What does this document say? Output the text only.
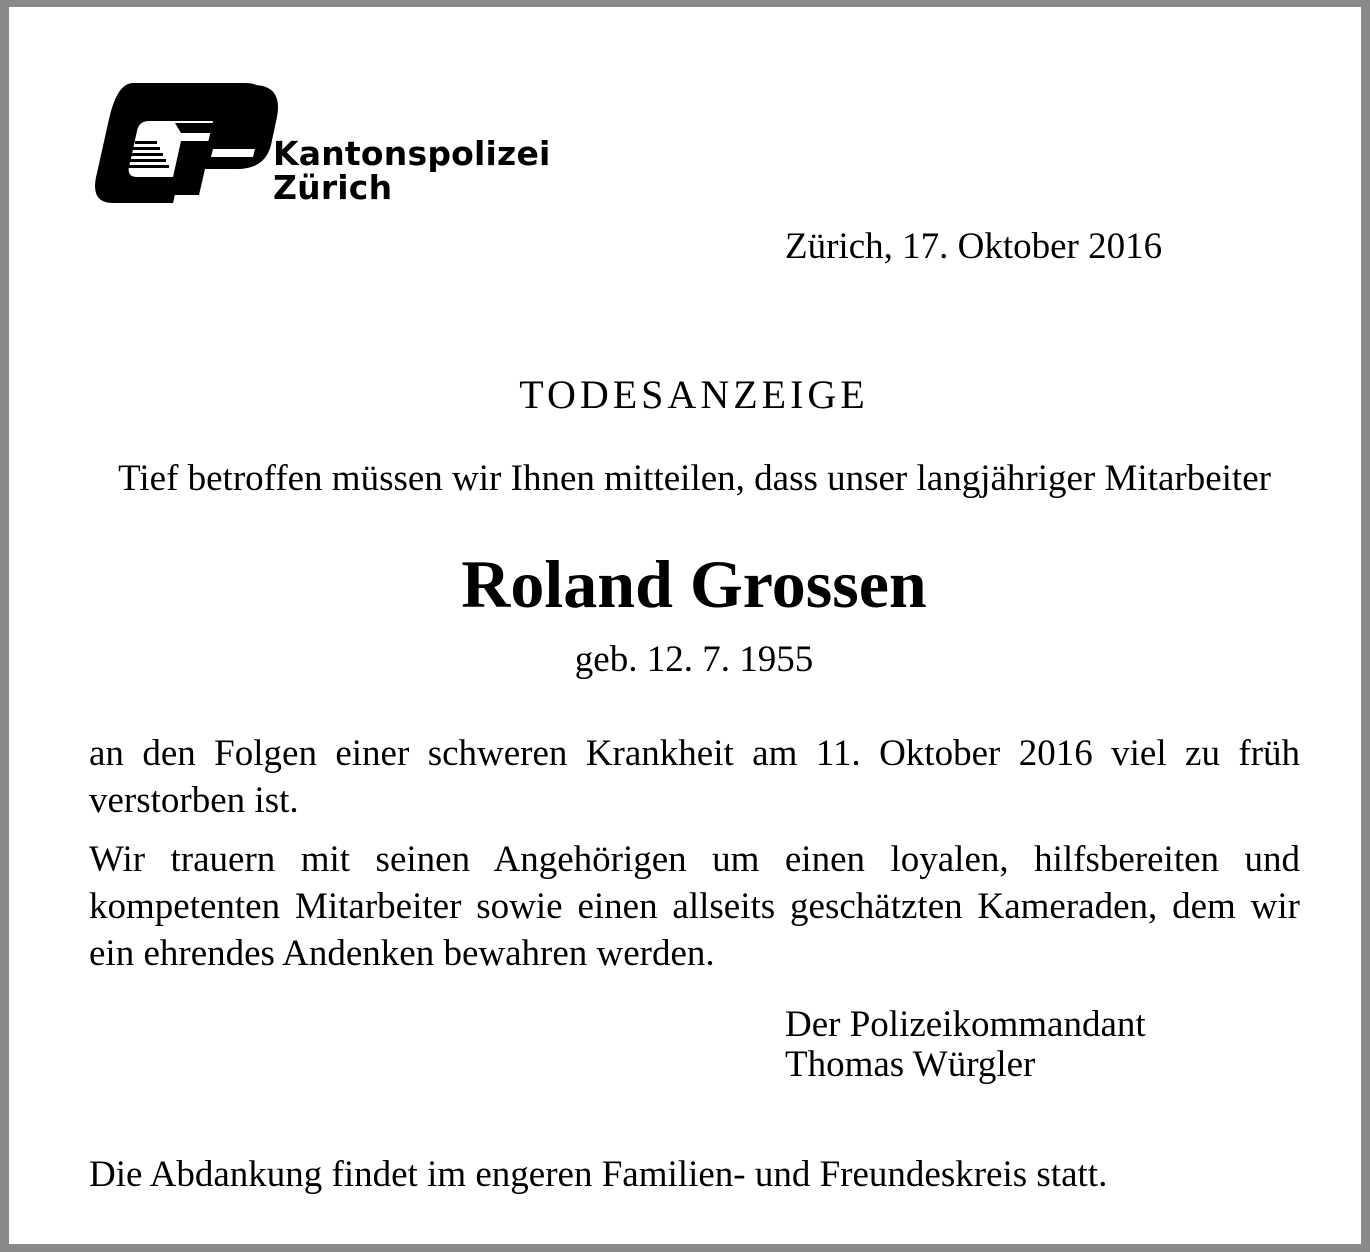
Kantonspolizei
Zürich
Zürich, 17. Oktober 2016
TODESANZEIGE
Tief betroffen müssen wir Ihnen mitteilen, dass unser langjähriger Mitarbeiter
Roland Grossen
geb. 12. 7. 1955
an den Folgen einer schweren Krankheit am 11. Oktober 2016 viel zu früh verstorben ist.
Wir trauern mit seinen Angehörigen um einen loyalen, hilfsbereiten und kompetenten Mitarbeiter sowie einen allseits geschätzten Kameraden, dem wir ein ehrendes Andenken bewahren werden.
Der Polizeikommandant
Thomas Würgler
Die Abdankung findet im engeren Familien- und Freundeskreis statt.
